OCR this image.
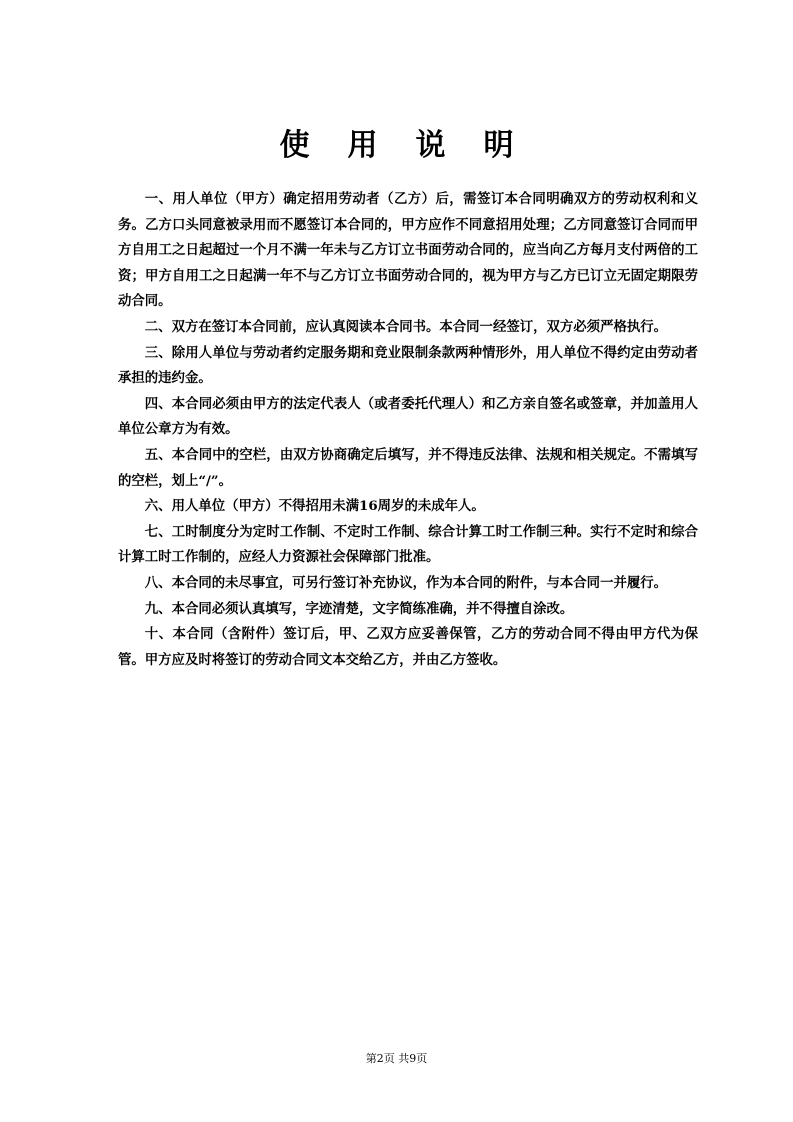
使用说明

一、用人单位（甲方）确定招用劳动者（乙方）后，需签订本合同明确双方的劳动权利和义务。乙方口头同意被录用而不愿签订本合同的，甲方应作不同意招用处理；乙方同意签订合同而甲方自用工之日起超过一个月不满一年未与乙方订立书面劳动合同的，应当向乙方每月支付两倍的工资；甲方自用工之日起满一年不与乙方订立书面劳动合同的，视为甲方与乙方已订立无固定期限劳动合同。

二、双方在签订本合同前，应认真阅读本合同书。本合同一经签订，双方必须严格执行。

三、除用人单位与劳动者约定服务期和竞业限制条款两种情形外，用人单位不得约定由劳动者承担的违约金。

四、本合同必须由甲方的法定代表人（或者委托代理人）和乙方亲自签名或签章，并加盖用人单位公章方为有效。

五、本合同中的空栏，由双方协商确定后填写，并不得违反法律、法规和相关规定。不需填写的空栏，划上“/”。

六、用人单位（甲方）不得招用未满16周岁的未成年人。

七、工时制度分为定时工作制、不定时工作制、综合计算工时工作制三种。实行不定时和综合计算工时工作制的，应经人力资源社会保障部门批准。

八、本合同的未尽事宜，可另行签订补充协议，作为本合同的附件，与本合同一并履行。

九、本合同必须认真填写，字迹清楚，文字简练准确，并不得擅自涂改。

十、本合同（含附件）签订后，甲、乙双方应妥善保管，乙方的劳动合同不得由甲方代为保管。甲方应及时将签订的劳动合同文本交给乙方，并由乙方签收。

第2页 共9页
